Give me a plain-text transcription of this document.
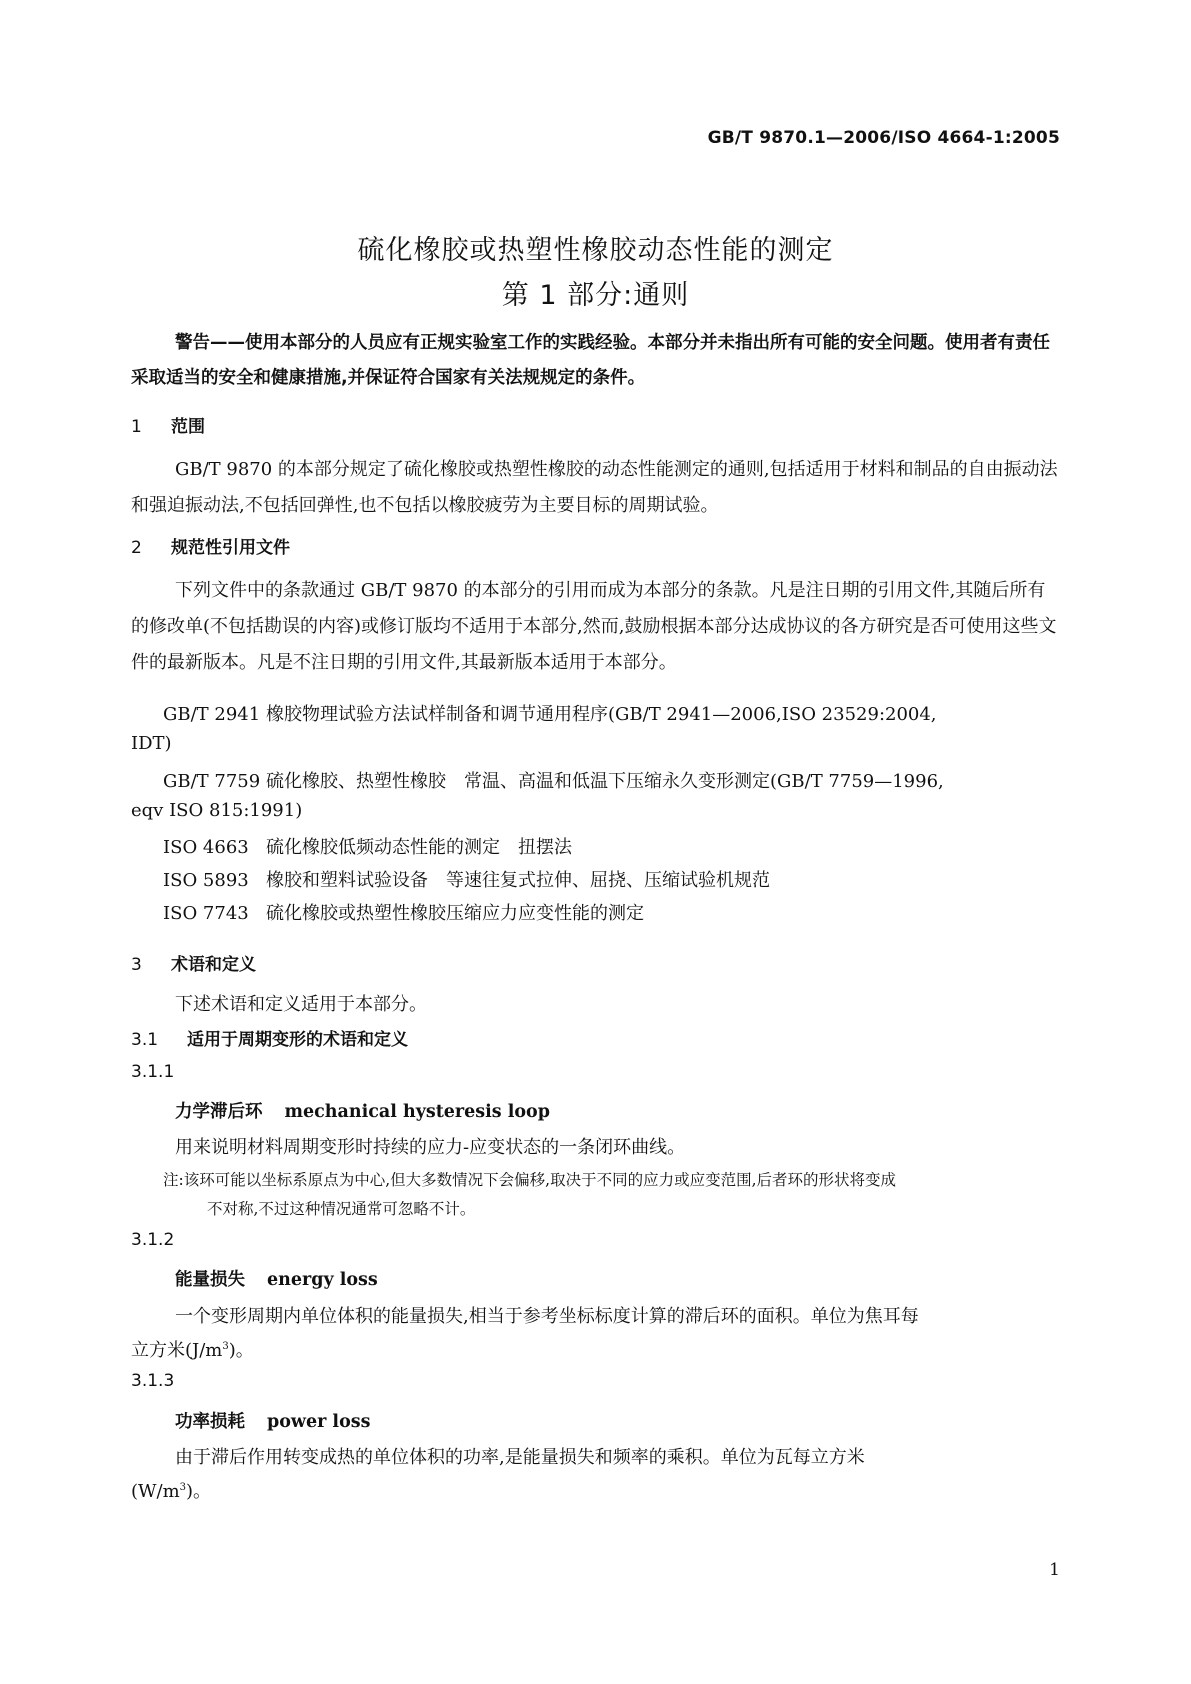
GB/T 9870.1—2006/ISO 4664-1:2005
硫化橡胶或热塑性橡胶动态性能的测定
第 1 部分:通则
警告——使用本部分的人员应有正规实验室工作的实践经验。本部分并未指出所有可能的安全问题。使用者有责任采取适当的安全和健康措施,并保证符合国家有关法规规定的条件。
1 范围
GB/T 9870 的本部分规定了硫化橡胶或热塑性橡胶的动态性能测定的通则,包括适用于材料和制品的自由振动法和强迫振动法,不包括回弹性,也不包括以橡胶疲劳为主要目标的周期试验。
2 规范性引用文件
下列文件中的条款通过 GB/T 9870 的本部分的引用而成为本部分的条款。凡是注日期的引用文件,其随后所有的修改单(不包括勘误的内容)或修订版均不适用于本部分,然而,鼓励根据本部分达成协议的各方研究是否可使用这些文件的最新版本。凡是不注日期的引用文件,其最新版本适用于本部分。
GB/T 2941 橡胶物理试验方法试样制备和调节通用程序(GB/T 2941—2006,ISO 23529:2004,
IDT)
GB/T 7759 硫化橡胶、热塑性橡胶　常温、高温和低温下压缩永久变形测定(GB/T 7759—1996,
eqv ISO 815:1991)
ISO 4663 硫化橡胶低频动态性能的测定　扭摆法
ISO 5893 橡胶和塑料试验设备　等速往复式拉伸、屈挠、压缩试验机规范
ISO 7743 硫化橡胶或热塑性橡胶压缩应力应变性能的测定
3 术语和定义
下述术语和定义适用于本部分。
3.1 适用于周期变形的术语和定义
3.1.1
力学滞后环 mechanical hysteresis loop
用来说明材料周期变形时持续的应力-应变状态的一条闭环曲线。
注:该环可能以坐标系原点为中心,但大多数情况下会偏移,取决于不同的应力或应变范围,后者环的形状将变成
不对称,不过这种情况通常可忽略不计。
3.1.2
能量损失 energy loss
一个变形周期内单位体积的能量损失,相当于参考坐标标度计算的滞后环的面积。单位为焦耳每
立方米$(J/m^3)$。
3.1.3
功率损耗 power loss
由于滞后作用转变成热的单位体积的功率,是能量损失和频率的乘积。单位为瓦每立方米
$(W/m^3)$。
1
